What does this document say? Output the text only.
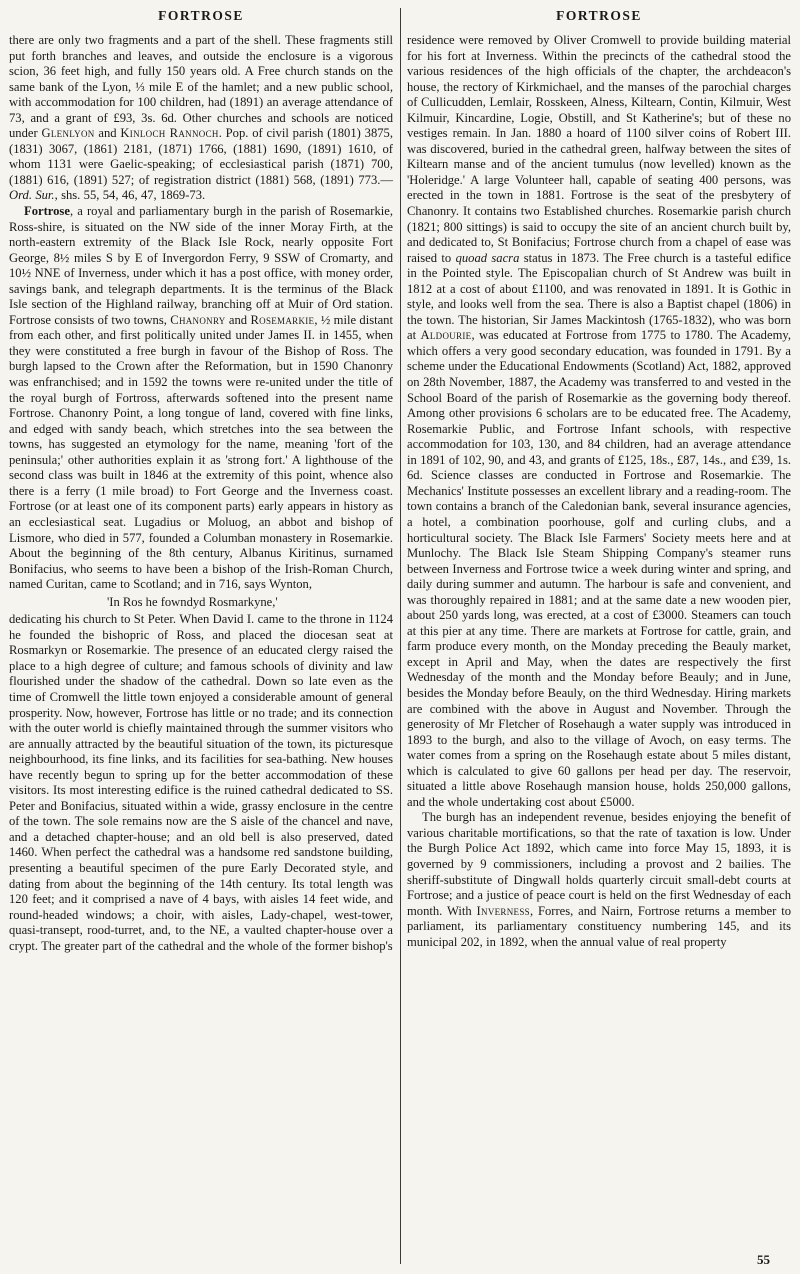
FORTROSE

there are only two fragments and a part of the shell. These fragments still put forth branches and leaves, and outside the enclosure is a vigorous scion, 36 feet high, and fully 150 years old. A Free church stands on the same bank of the Lyon, ⅓ mile E of the hamlet; and a new public school, with accommodation for 100 children, had (1891) an average attendance of 73, and a grant of £93, 3s. 6d. Other churches and schools are noticed under Glenlyon and Kinloch Rannoch. Pop. of civil parish (1801) 3875, (1831) 3067, (1861) 2181, (1871) 1766, (1881) 1690, (1891) 1610, of whom 1131 were Gaelic-speaking; of ecclesiastical parish (1871) 700, (1881) 616, (1891) 527; of registration district (1881) 568, (1891) 773.—Ord. Sur., shs. 55, 54, 46, 47, 1869-73.

Fortrose, a royal and parliamentary burgh in the parish of Rosemarkie, Ross-shire, is situated on the NW side of the inner Moray Firth, at the north-eastern extremity of the Black Isle Rock, nearly opposite Fort George, 8½ miles S by E of Invergordon Ferry, 9 SSW of Cromarty, and 10½ NNE of Inverness, under which it has a post office, with money order, savings bank, and telegraph departments. It is the terminus of the Black Isle section of the Highland railway, branching off at Muir of Ord station. Fortrose consists of two towns, Chanonry and Rosemarkie, ½ mile distant from each other, and first politically united under James II. in 1455, when they were constituted a free burgh in favour of the Bishop of Ross. The burgh lapsed to the Crown after the Reformation, but in 1590 Chanonry was enfranchised; and in 1592 the towns were re-united under the title of the royal burgh of Fortross, afterwards softened into the present name Fortrose. Chanonry Point, a long tongue of land, covered with fine links, and edged with sandy beach, which stretches into the sea between the towns, has suggested an etymology for the name, meaning 'fort of the peninsula;' other authorities explain it as 'strong fort.' A lighthouse of the second class was built in 1846 at the extremity of this point, whence also there is a ferry (1 mile broad) to Fort George and the Inverness coast. Fortrose (or at least one of its component parts) early appears in history as an ecclesiastical seat. Lugadius or Moluog, an abbot and bishop of Lismore, who died in 577, founded a Columban monastery in Rosemarkie. About the beginning of the 8th century, Albanus Kiritinus, surnamed Bonifacius, who seems to have been a bishop of the Irish-Roman Church, named Curitan, came to Scotland; and in 716, says Wynton,

'In Ros he fowndyd Rosmarkyne,'

dedicating his church to St Peter. When David I. came to the throne in 1124 he founded the bishopric of Ross, and placed the diocesan seat at Rosmarkyn or Rosemarkie. The presence of an educated clergy raised the place to a high degree of culture; and famous schools of divinity and law flourished under the shadow of the cathedral. Down so late even as the time of Cromwell the little town enjoyed a considerable amount of general prosperity. Now, however, Fortrose has little or no trade; and its connection with the outer world is chiefly maintained through the summer visitors who are annually attracted by the beautiful situation of the town, its picturesque neighbourhood, its fine links, and its facilities for sea-bathing. New houses have recently begun to spring up for the better accommodation of these visitors. Its most interesting edifice is the ruined cathedral dedicated to SS. Peter and Bonifacius, situated within a wide, grassy enclosure in the centre of the town. The sole remains now are the S aisle of the chancel and nave, and a detached chapter-house; and an old bell is also preserved, dated 1460. When perfect the cathedral was a handsome red sandstone building, presenting a beautiful specimen of the pure Early Decorated style, and dating from about the beginning of the 14th century. Its total length was 120 feet; and it comprised a nave of 4 bays, with aisles 14 feet wide, and round-headed windows; a choir, with aisles, Lady-chapel, west-tower, quasi-transept, rood-turret, and, to the NE, a vaulted chapter-house over a crypt. The greater part of the cathedral and the whole of the former bishop's

FORTROSE

residence were removed by Oliver Cromwell to provide building material for his fort at Inverness. Within the precincts of the cathedral stood the various residences of the high officials of the chapter, the archdeacon's house, the rectory of Kirkmichael, and the manses of the parochial charges of Cullicudden, Lemlair, Rosskeen, Alness, Kiltearn, Contin, Kilmuir, West Kilmuir, Kincardine, Logie, Obstill, and St Katherine's; but of these no vestiges remain. In Jan. 1880 a hoard of 1100 silver coins of Robert III. was discovered, buried in the cathedral green, halfway between the sites of Kiltearn manse and of the ancient tumulus (now levelled) known as the 'Holeridge.' A large Volunteer hall, capable of seating 400 persons, was erected in the town in 1881. Fortrose is the seat of the presbytery of Chanonry. It contains two Established churches. Rosemarkie parish church (1821; 800 sittings) is said to occupy the site of an ancient church built by, and dedicated to, St Bonifacius; Fortrose church from a chapel of ease was raised to quoad sacra status in 1873. The Free church is a tasteful edifice in the Pointed style. The Episcopalian church of St Andrew was built in 1812 at a cost of about £1100, and was renovated in 1891. It is Gothic in style, and looks well from the sea. There is also a Baptist chapel (1806) in the town. The historian, Sir James Mackintosh (1765-1832), who was born at Aldourie, was educated at Fortrose from 1775 to 1780. The Academy, which offers a very good secondary education, was founded in 1791. By a scheme under the Educational Endowments (Scotland) Act, 1882, approved on 28th November, 1887, the Academy was transferred to and vested in the School Board of the parish of Rosemarkie as the governing body thereof. Among other provisions 6 scholars are to be educated free. The Academy, Rosemarkie Public, and Fortrose Infant schools, with respective accommodation for 103, 130, and 84 children, had an average attendance in 1891 of 102, 90, and 43, and grants of £125, 18s., £87, 14s., and £39, 1s. 6d. Science classes are conducted in Fortrose and Rosemarkie. The Mechanics' Institute possesses an excellent library and a reading-room. The town contains a branch of the Caledonian bank, several insurance agencies, a hotel, a combination poorhouse, golf and curling clubs, and a horticultural society. The Black Isle Farmers' Society meets here and at Munlochy. The Black Isle Steam Shipping Company's steamer runs between Inverness and Fortrose twice a week during winter and spring, and daily during summer and autumn. The harbour is safe and convenient, and was thoroughly repaired in 1881; and at the same date a new wooden pier, about 250 yards long, was erected, at a cost of £3000. Steamers can touch at this pier at any time. There are markets at Fortrose for cattle, grain, and farm produce every month, on the Monday preceding the Beauly market, except in April and May, when the dates are respectively the first Wednesday of the month and the Monday before Beauly; and in June, besides the Monday before Beauly, on the third Wednesday. Hiring markets are combined with the above in August and November. Through the generosity of Mr Fletcher of Rosehaugh a water supply was introduced in 1893 to the burgh, and also to the village of Avoch, on easy terms. The water comes from a spring on the Rosehaugh estate about 5 miles distant, which is calculated to give 60 gallons per head per day. The reservoir, situated a little above Rosehaugh mansion house, holds 250,000 gallons, and the whole undertaking cost about £5000.

The burgh has an independent revenue, besides enjoying the benefit of various charitable mortifications, so that the rate of taxation is low. Under the Burgh Police Act 1892, which came into force May 15, 1893, it is governed by 9 commissioners, including a provost and 2 bailies. The sheriff-substitute of Dingwall holds quarterly circuit small-debt courts at Fortrose; and a justice of peace court is held on the first Wednesday of each month. With Inverness, Forres, and Nairn, Fortrose returns a member to parliament, its parliamentary constituency numbering 145, and its municipal 202, in 1892, when the annual value of real property

55
